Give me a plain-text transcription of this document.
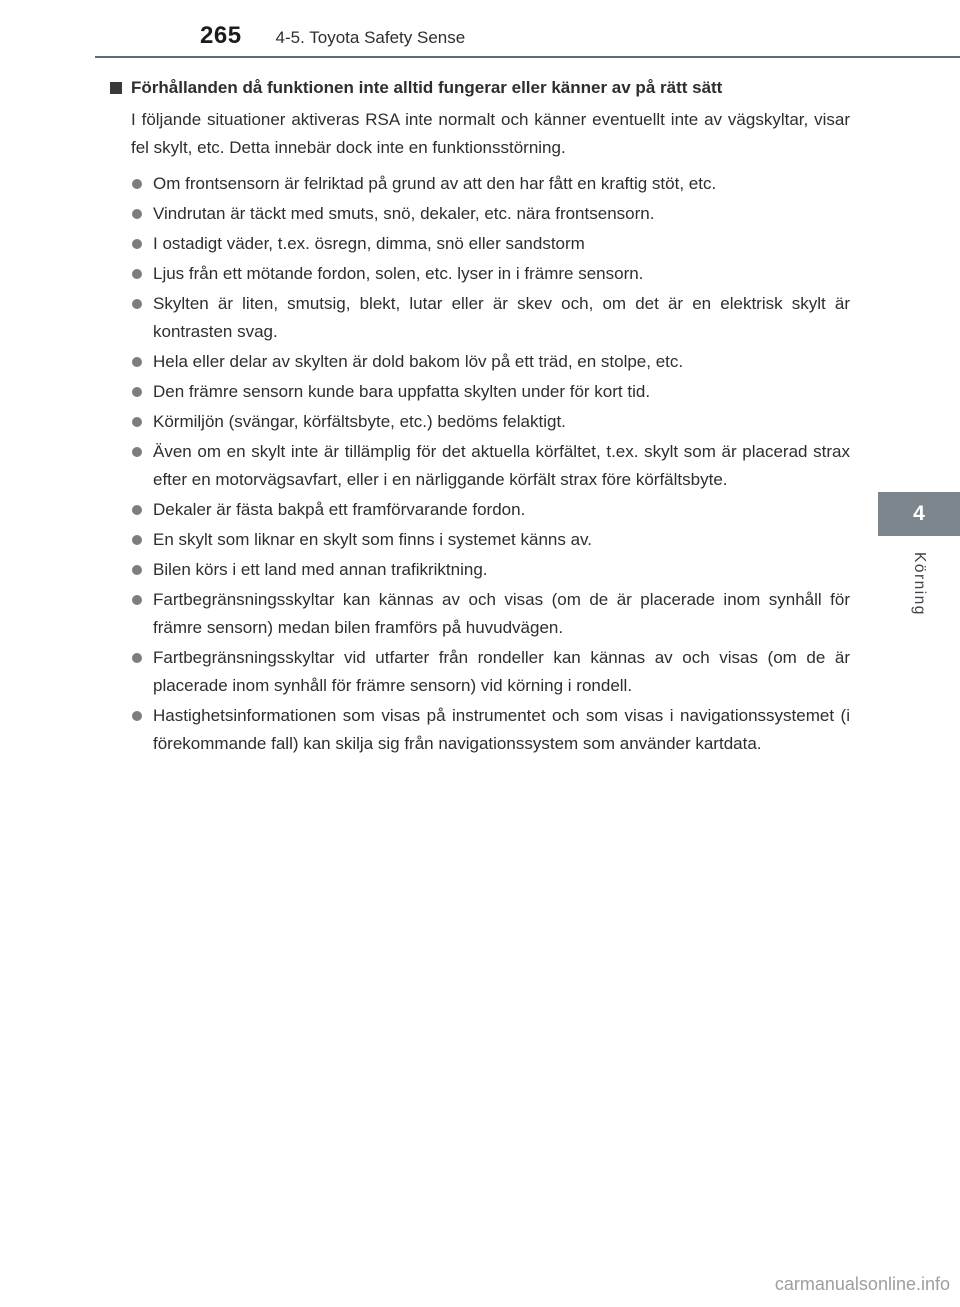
265 4-5. Toyota Safety Sense
Förhållanden då funktionen inte alltid fungerar eller känner av på rätt sätt
I följande situationer aktiveras RSA inte normalt och känner eventuellt inte av vägskyltar, visar fel skylt, etc. Detta innebär dock inte en funktionsstörning.
Om frontsensorn är felriktad på grund av att den har fått en kraftig stöt, etc.
Vindrutan är täckt med smuts, snö, dekaler, etc. nära frontsensorn.
I ostadigt väder, t.ex. ösregn, dimma, snö eller sandstorm
Ljus från ett mötande fordon, solen, etc. lyser in i främre sensorn.
Skylten är liten, smutsig, blekt, lutar eller är skev och, om det är en elektrisk skylt är kontrasten svag.
Hela eller delar av skylten är dold bakom löv på ett träd, en stolpe, etc.
Den främre sensorn kunde bara uppfatta skylten under för kort tid.
Körmiljön (svängar, körfältsbyte, etc.) bedöms felaktigt.
Även om en skylt inte är tillämplig för det aktuella körfältet, t.ex. skylt som är placerad strax efter en motorvägsavfart, eller i en närliggande körfält strax före körfältsbyte.
Dekaler är fästa bakpå ett framförvarande fordon.
En skylt som liknar en skylt som finns i systemet känns av.
Bilen körs i ett land med annan trafikriktning.
Fartbegränsningsskyltar kan kännas av och visas (om de är placerade inom synhåll för främre sensorn) medan bilen framförs på huvudvägen.
Fartbegränsningsskyltar vid utfarter från rondeller kan kännas av och visas (om de är placerade inom synhåll för främre sensorn) vid körning i rondell.
Hastighetsinformationen som visas på instrumentet och som visas i navigationssystemet (i förekommande fall) kan skilja sig från navigationssystem som använder kartdata.
4
Körning
carmanualsonline.info
